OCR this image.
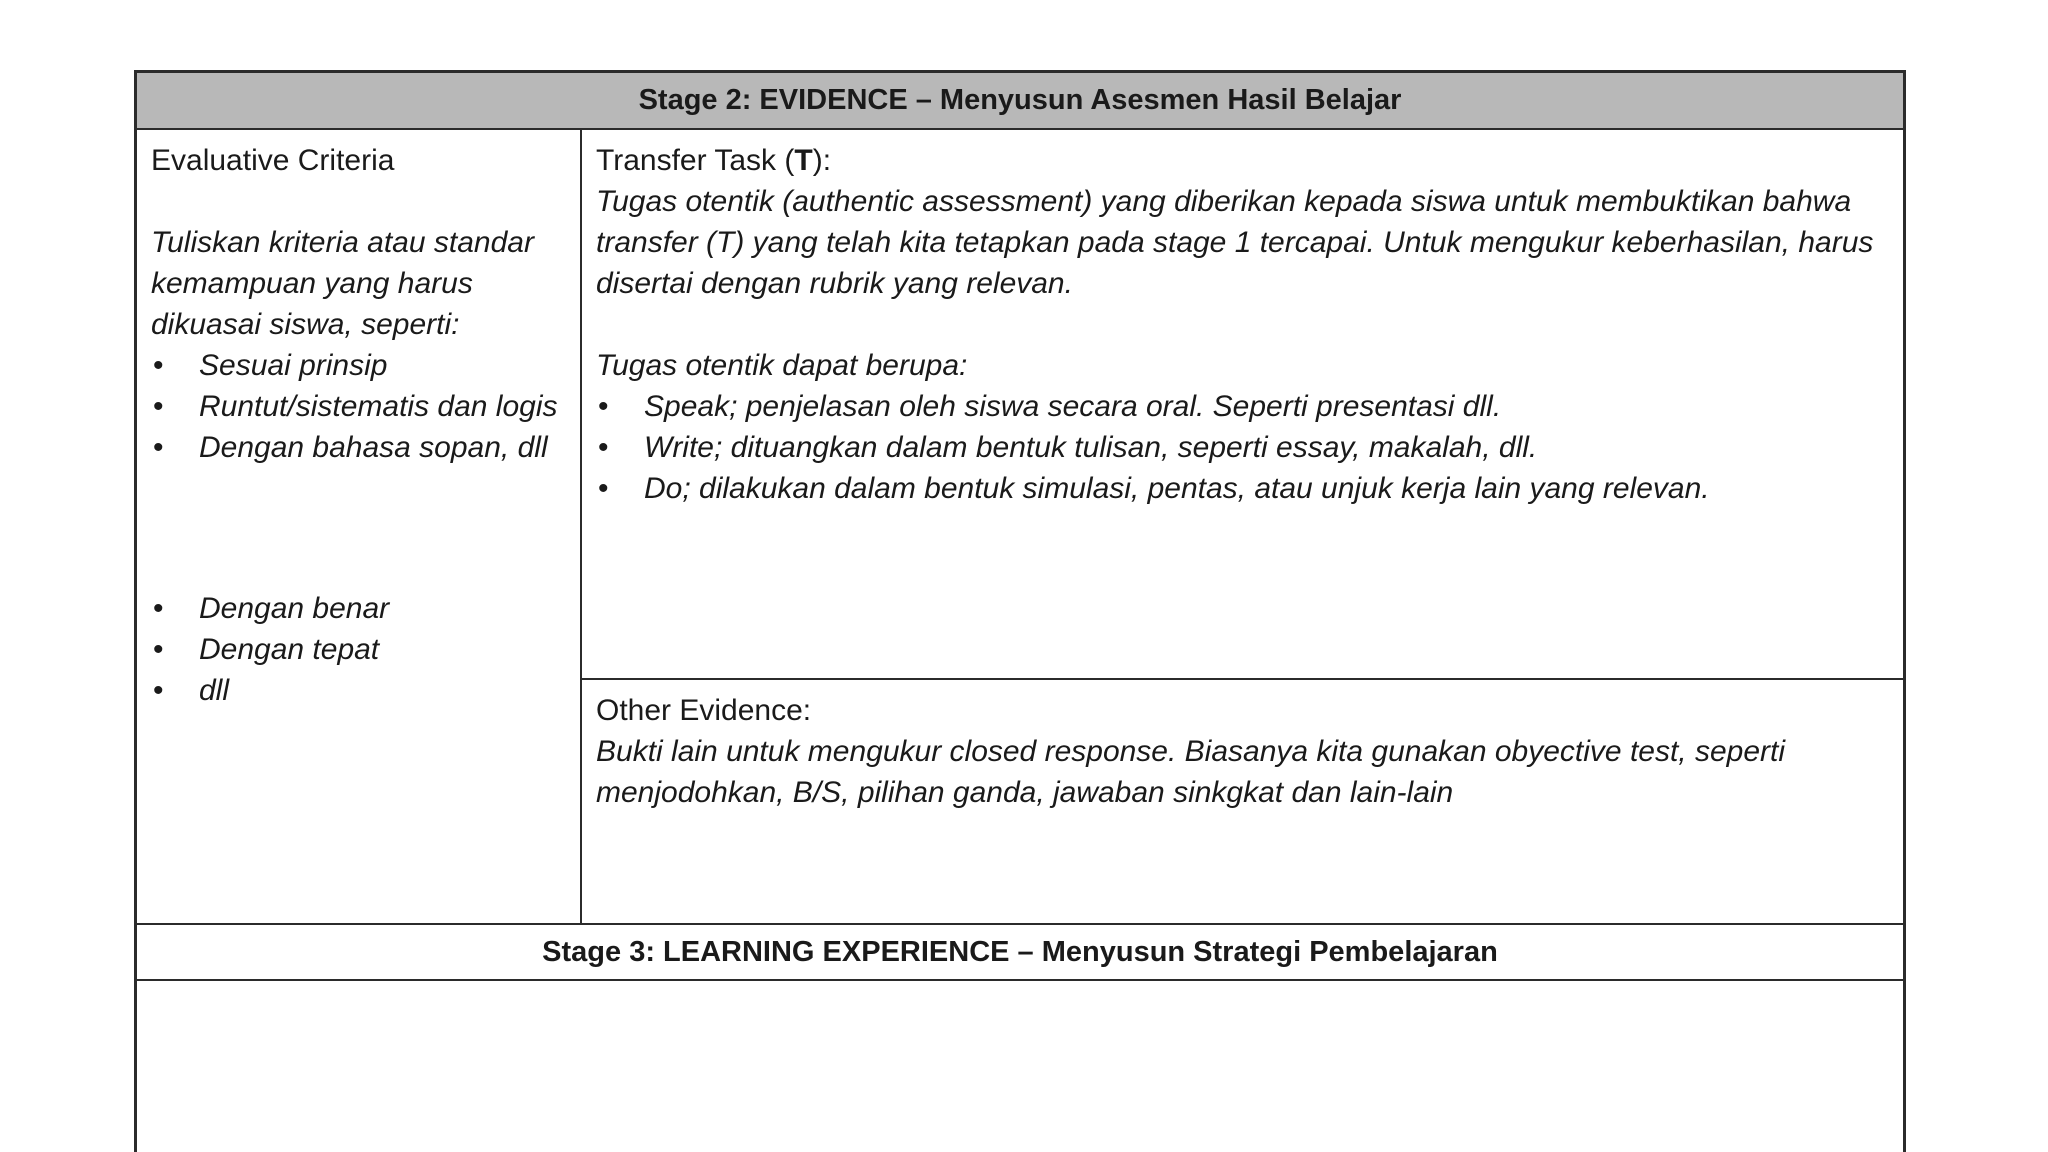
Stage 2: EVIDENCE – Menyusun Asesmen Hasil Belajar
Evaluative Criteria
Tuliskan kriteria atau standar kemampuan yang harus dikuasai siswa, seperti:
• Sesuai prinsip
• Runtut/sistematis dan logis
• Dengan bahasa sopan, dll
• Dengan benar
• Dengan tepat
• dll
Transfer Task (T):
Tugas otentik (authentic assessment) yang diberikan kepada siswa untuk membuktikan bahwa transfer (T) yang telah kita tetapkan pada stage 1 tercapai. Untuk mengukur keberhasilan, harus disertai dengan rubrik yang relevan.
Tugas otentik dapat berupa:
• Speak; penjelasan oleh siswa secara oral. Seperti presentasi dll.
• Write; dituangkan dalam bentuk tulisan, seperti essay, makalah, dll.
• Do; dilakukan dalam bentuk simulasi, pentas, atau unjuk kerja lain yang relevan.
Other Evidence:
Bukti lain untuk mengukur closed response. Biasanya kita gunakan obyective test, seperti menjodohkan, B/S, pilihan ganda, jawaban sinkgkat dan lain-lain
Stage 3: LEARNING EXPERIENCE – Menyusun Strategi Pembelajaran
